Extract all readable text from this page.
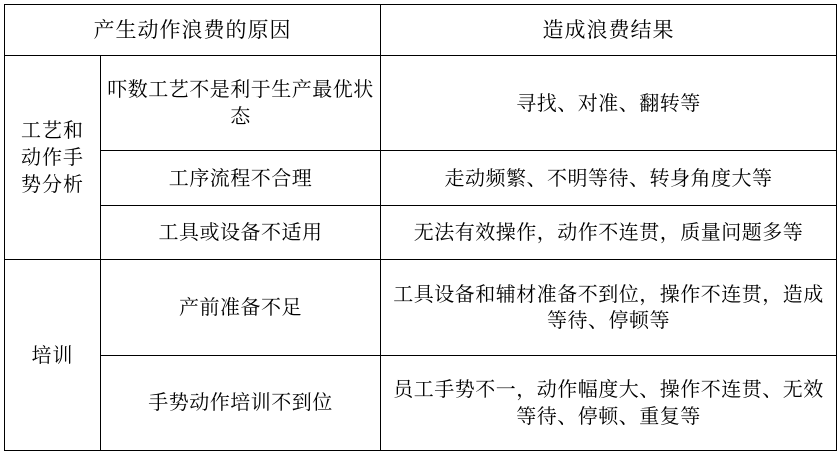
产生动作浪费的原因		造成浪费结果
工艺和动作手势分析	吓数工艺不是利于生产最优状态	寻找、对准、翻转等
	工序流程不合理	走动频繁、不明等待、转身角度大等
	工具或设备不适用	无法有效操作，动作不连贯，质量问题多等
培训	产前准备不足	工具设备和辅材准备不到位，操作不连贯，造成等待、停顿等
	手势动作培训不到位	员工手势不一，动作幅度大、操作不连贯、无效等待、停顿、重复等
